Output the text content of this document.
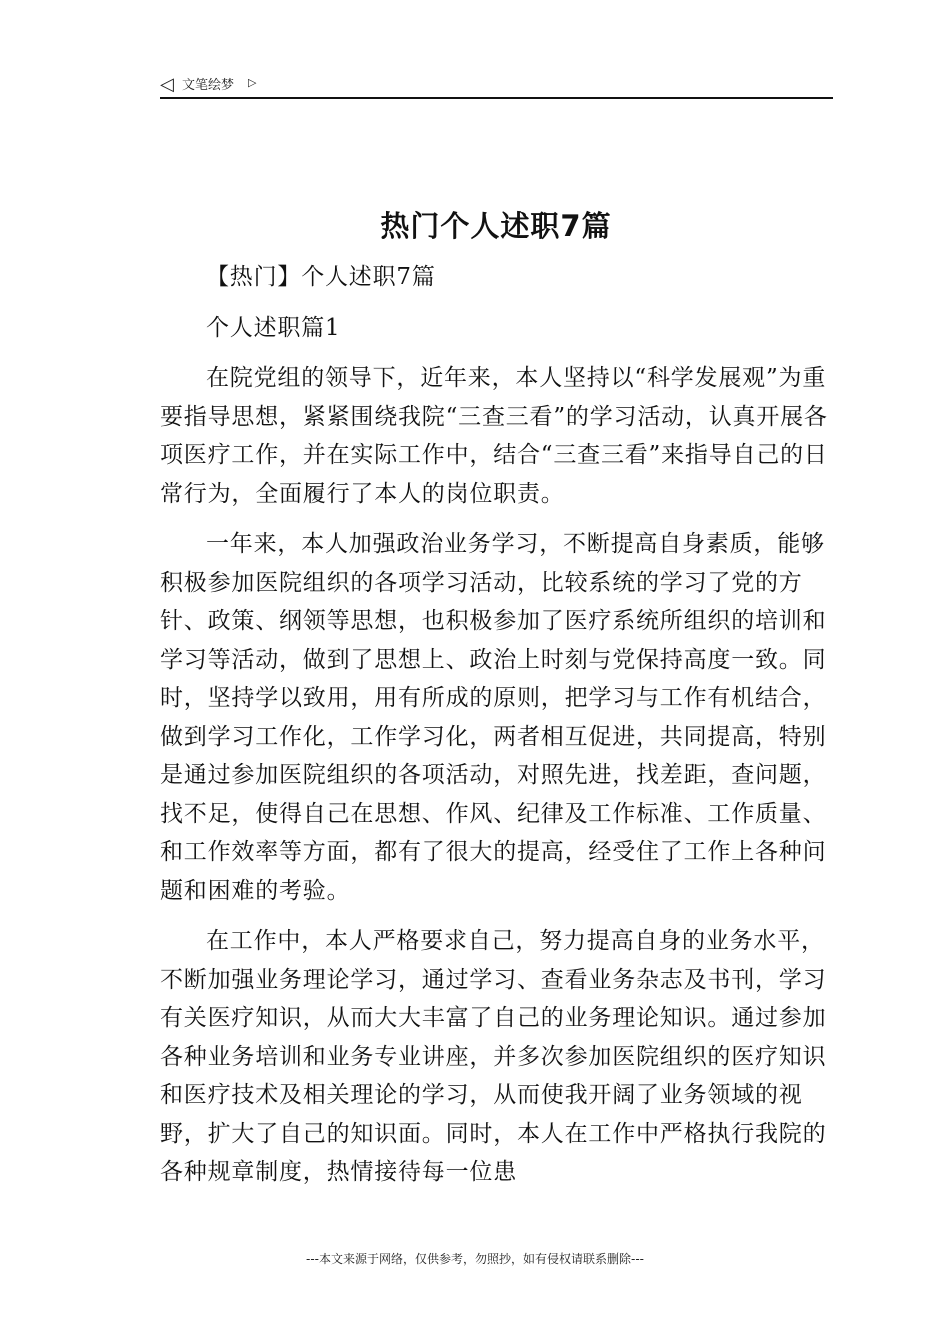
◁ 文笔绘梦 ▷
热门个人述职7篇

【热门】个人述职7篇

个人述职篇1

在院党组的领导下，近年来，本人坚持以“科学发展观”为重要指导思想，紧紧围绕我院“三查三看”的学习活动，认真开展各项医疗工作，并在实际工作中，结合“三查三看”来指导自己的日常行为，全面履行了本人的岗位职责。

一年来，本人加强政治业务学习，不断提高自身素质，能够积极参加医院组织的各项学习活动，比较系统的学习了党的方针、政策、纲领等思想，也积极参加了医疗系统所组织的培训和学习等活动，做到了思想上、政治上时刻与党保持高度一致。同时，坚持学以致用，用有所成的原则，把学习与工作有机结合，做到学习工作化，工作学习化，两者相互促进，共同提高，特别是通过参加医院组织的各项活动，对照先进，找差距，查问题，找不足，使得自己在思想、作风、纪律及工作标准、工作质量、和工作效率等方面，都有了很大的提高，经受住了工作上各种问题和困难的考验。

在工作中，本人严格要求自己，努力提高自身的业务水平，不断加强业务理论学习，通过学习、查看业务杂志及书刊，学习有关医疗知识，从而大大丰富了自己的业务理论知识。通过参加各种业务培训和业务专业讲座，并多次参加医院组织的医疗知识和医疗技术及相关理论的学习，从而使我开阔了业务领域的视野，扩大了自己的知识面。同时，本人在工作中严格执行我院的各种规章制度，热情接待每一位患

---本文来源于网络，仅供参考，勿照抄，如有侵权请联系删除---
